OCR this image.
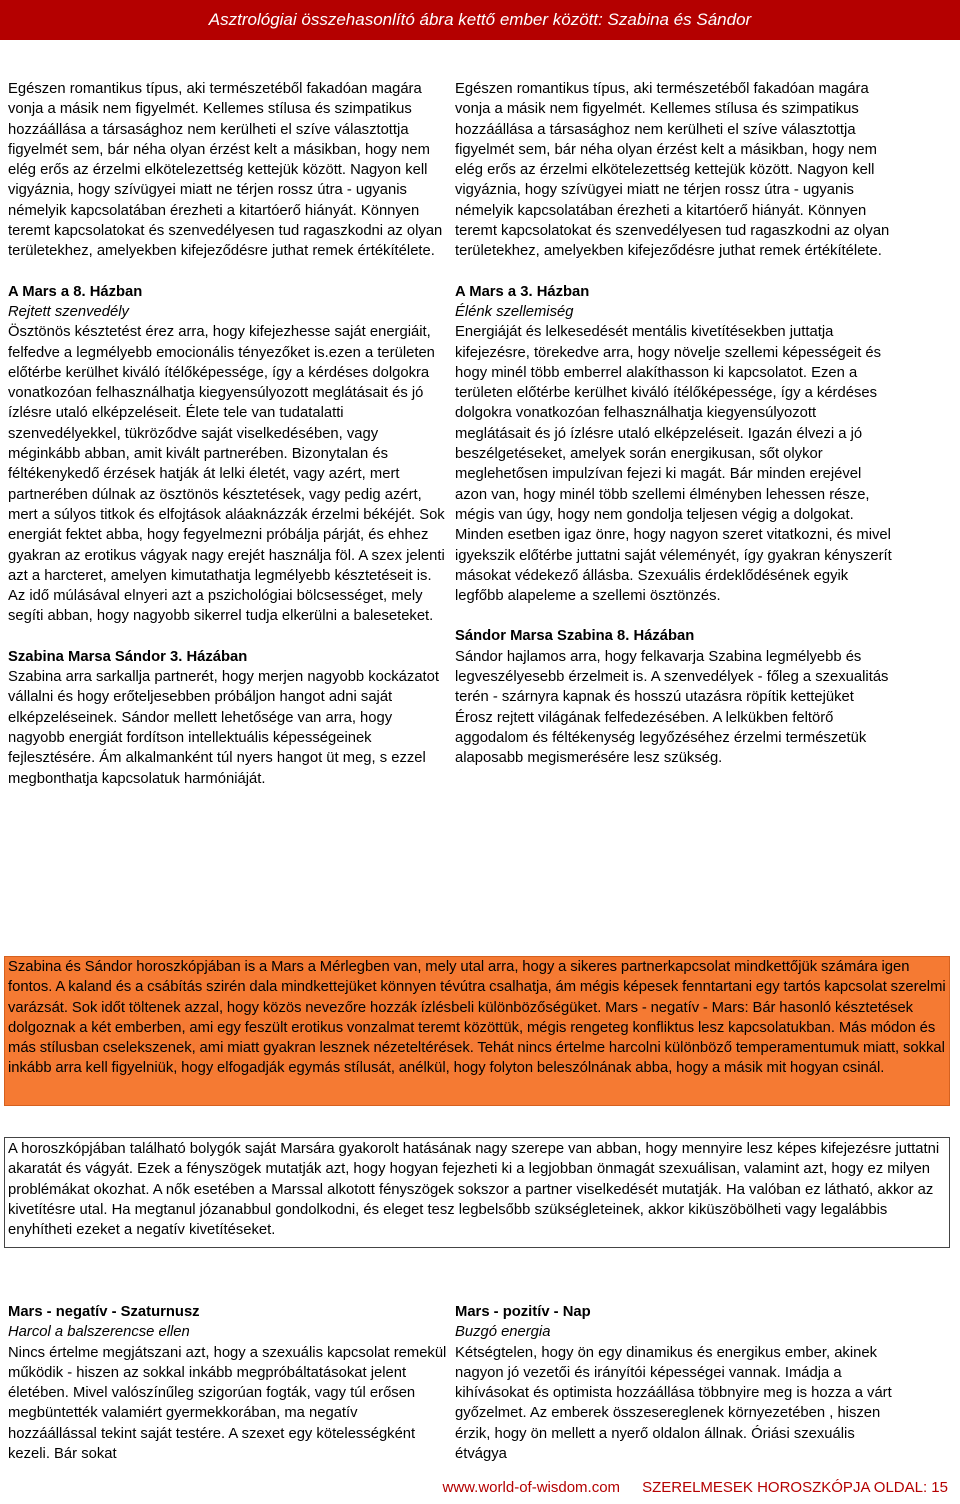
Asztrológiai összehasonlító ábra kettő ember között: Szabina és Sándor

Egészen romantikus típus, aki természetéből fakadóan magára vonja a másik nem figyelmét. Kellemes stílusa és szimpatikus hozzáállása a társasághoz nem kerülheti el szíve választottja figyelmét sem, bár néha olyan érzést kelt a másikban, hogy nem elég erős az érzelmi elkötelezettség kettejük között. Nagyon kell vigyáznia, hogy szívügyei miatt ne térjen rossz útra - ugyanis némelyik kapcsolatában érezheti a kitartóerő hiányát. Könnyen teremt kapcsolatokat és szenvedélyesen tud ragaszkodni az olyan területekhez, amelyekben kifejeződésre juthat remek értékítélete.

A Mars a 8. Házban

Rejtett szenvedély

Ösztönös késztetést érez arra, hogy kifejezhesse saját energiáit, felfedve a legmélyebb emocionális tényezőket is.ezen a területen előtérbe kerülhet kiváló ítélőképessége, így a kérdéses dolgokra vonatkozóan felhasználhatja kiegyensúlyozott meglátásait és jó ízlésre utaló elképzeléseit. Élete tele van tudatalatti szenvedélyekkel, tükröződve saját viselkedésében, vagy méginkább abban, amit kivált partnerében. Bizonytalan és féltékenykedő érzések hatják át lelki életét, vagy azért, mert partnerében dúlnak az ösztönös késztetések, vagy pedig azért, mert a súlyos titkok és elfojtások aláaknázzák érzelmi békéjét. Sok energiát fektet abba, hogy fegyelmezni próbálja párját, és ehhez gyakran az erotikus vágyak nagy erejét használja föl. A szex jelenti azt a harcteret, amelyen kimutathatja legmélyebb késztetéseit is. Az idő múlásával elnyeri azt a pszichológiai bölcsességet, mely segíti abban, hogy nagyobb sikerrel tudja elkerülni a baleseteket.

Szabina Marsa Sándor 3. Házában

Szabina arra sarkallja partnerét, hogy merjen nagyobb kockázatot vállalni és hogy erőteljesebben próbáljon hangot adni saját elképzeléseinek. Sándor mellett lehetősége van arra, hogy nagyobb energiát fordítson intellektuális képességeinek fejlesztésére. Ám alkalmanként túl nyers hangot üt meg, s ezzel megbonthatja kapcsolatuk harmóniáját.

Egészen romantikus típus, aki természetéből fakadóan magára vonja a másik nem figyelmét. Kellemes stílusa és szimpatikus hozzáállása a társasághoz nem kerülheti el szíve választottja figyelmét sem, bár néha olyan érzést kelt a másikban, hogy nem elég erős az érzelmi elkötelezettség kettejük között. Nagyon kell vigyáznia, hogy szívügyei miatt ne térjen rossz útra - ugyanis némelyik kapcsolatában érezheti a kitartóerő hiányát. Könnyen teremt kapcsolatokat és szenvedélyesen tud ragaszkodni az olyan területekhez, amelyekben kifejeződésre juthat remek értékítélete.

A Mars a 3. Házban

Élénk szellemiség

Energiáját és lelkesedését mentális kivetítésekben juttatja kifejezésre, törekedve arra, hogy növelje szellemi képességeit és hogy minél több emberrel alakíthasson ki kapcsolatot. Ezen a területen előtérbe kerülhet kiváló ítélőképessége, így a kérdéses dolgokra vonatkozóan felhasználhatja kiegyensúlyozott meglátásait és jó ízlésre utaló elképzeléseit. Igazán élvezi a jó beszélgetéseket, amelyek során energikusan, sőt olykor meglehetősen impulzívan fejezi ki magát. Bár minden erejével azon van, hogy minél több szellemi élményben lehessen része, mégis van úgy, hogy nem gondolja teljesen végig a dolgokat. Minden esetben igaz önre, hogy nagyon szeret vitatkozni, és mivel igyekszik előtérbe juttatni saját véleményét, így gyakran kényszerít másokat védekező állásba. Szexuális érdeklődésének egyik legfőbb alapeleme a szellemi ösztönzés.

Sándor Marsa Szabina 8. Házában

Sándor hajlamos arra, hogy felkavarja Szabina legmélyebb és legveszélyesebb érzelmeit is. A szenvedélyek - főleg a szexualitás terén - szárnyra kapnak és hosszú utazásra röpítik kettejüket Érosz rejtett világának felfedezésében. A lelkükben feltörő aggodalom és féltékenység legyőzéséhez érzelmi természetük alaposabb megismerésére lesz szükség.

Szabina és Sándor horoszkópjában is a Mars a Mérlegben van, mely utal arra, hogy a sikeres partnerkapcsolat mindkettőjük számára igen fontos. A kaland és a csábítás szirén dala mindkettejüket könnyen tévútra csalhatja, ám mégis képesek fenntartani egy tartós kapcsolat szerelmi varázsát. Sok időt töltenek azzal, hogy közös nevezőre hozzák ízlésbeli különbözőségüket. Mars - negatív - Mars: Bár hasonló késztetések dolgoznak a két emberben, ami egy feszült erotikus vonzalmat teremt közöttük, mégis rengeteg konfliktus lesz kapcsolatukban. Más módon és más stílusban cselekszenek, ami miatt gyakran lesznek nézeteltérések. Tehát nincs értelme harcolni különböző temperamentumuk miatt, sokkal inkább arra kell figyelniük, hogy elfogadják egymás stílusát, anélkül, hogy folyton beleszólnának abba, hogy a másik mit hogyan csinál.
A horoszkópjában található bolygók saját Marsára gyakorolt hatásának nagy szerepe van abban, hogy mennyire lesz képes kifejezésre juttatni akaratát és vágyát. Ezek a fényszögek mutatják azt, hogy hogyan fejezheti ki a legjobban önmagát szexuálisan, valamint azt, hogy ez milyen problémákat okozhat. A nők esetében a Marssal alkotott fényszögek sokszor a partner viselkedését mutatják. Ha valóban ez látható, akkor az kivetítésre utal. Ha megtanul józanabbul gondolkodni, és eleget tesz legbelsőbb szükségleteinek, akkor kiküszöbölheti vagy legalábbis enyhítheti ezeket a negatív kivetítéseket.

Mars - negatív - Szaturnusz

Harcol a balszerencse ellen

Nincs értelme megjátszani azt, hogy a szexuális kapcsolat remekül működik - hiszen az sokkal inkább megpróbáltatásokat jelent életében. Mivel valószínűleg szigorúan fogták, vagy túl erősen megbüntették valamiért gyermekkorában, ma negatív hozzáállással tekint saját testére. A szexet egy kötelességként kezeli. Bár sokat

Mars - pozitív - Nap

Buzgó energia

Kétségtelen, hogy ön egy dinamikus és energikus ember, akinek nagyon jó vezetői és irányítói képességei vannak. Imádja a kihívásokat és optimista hozzáállása többnyire meg is hozza a várt győzelmet. Az emberek összesereglenek környezetében , hiszen érzik, hogy ön mellett a nyerő oldalon állnak. Óriási szexuális étvágya

www.world-of-wisdom.com SZERELMESEK HOROSZKÓPJA OLDAL: 15
